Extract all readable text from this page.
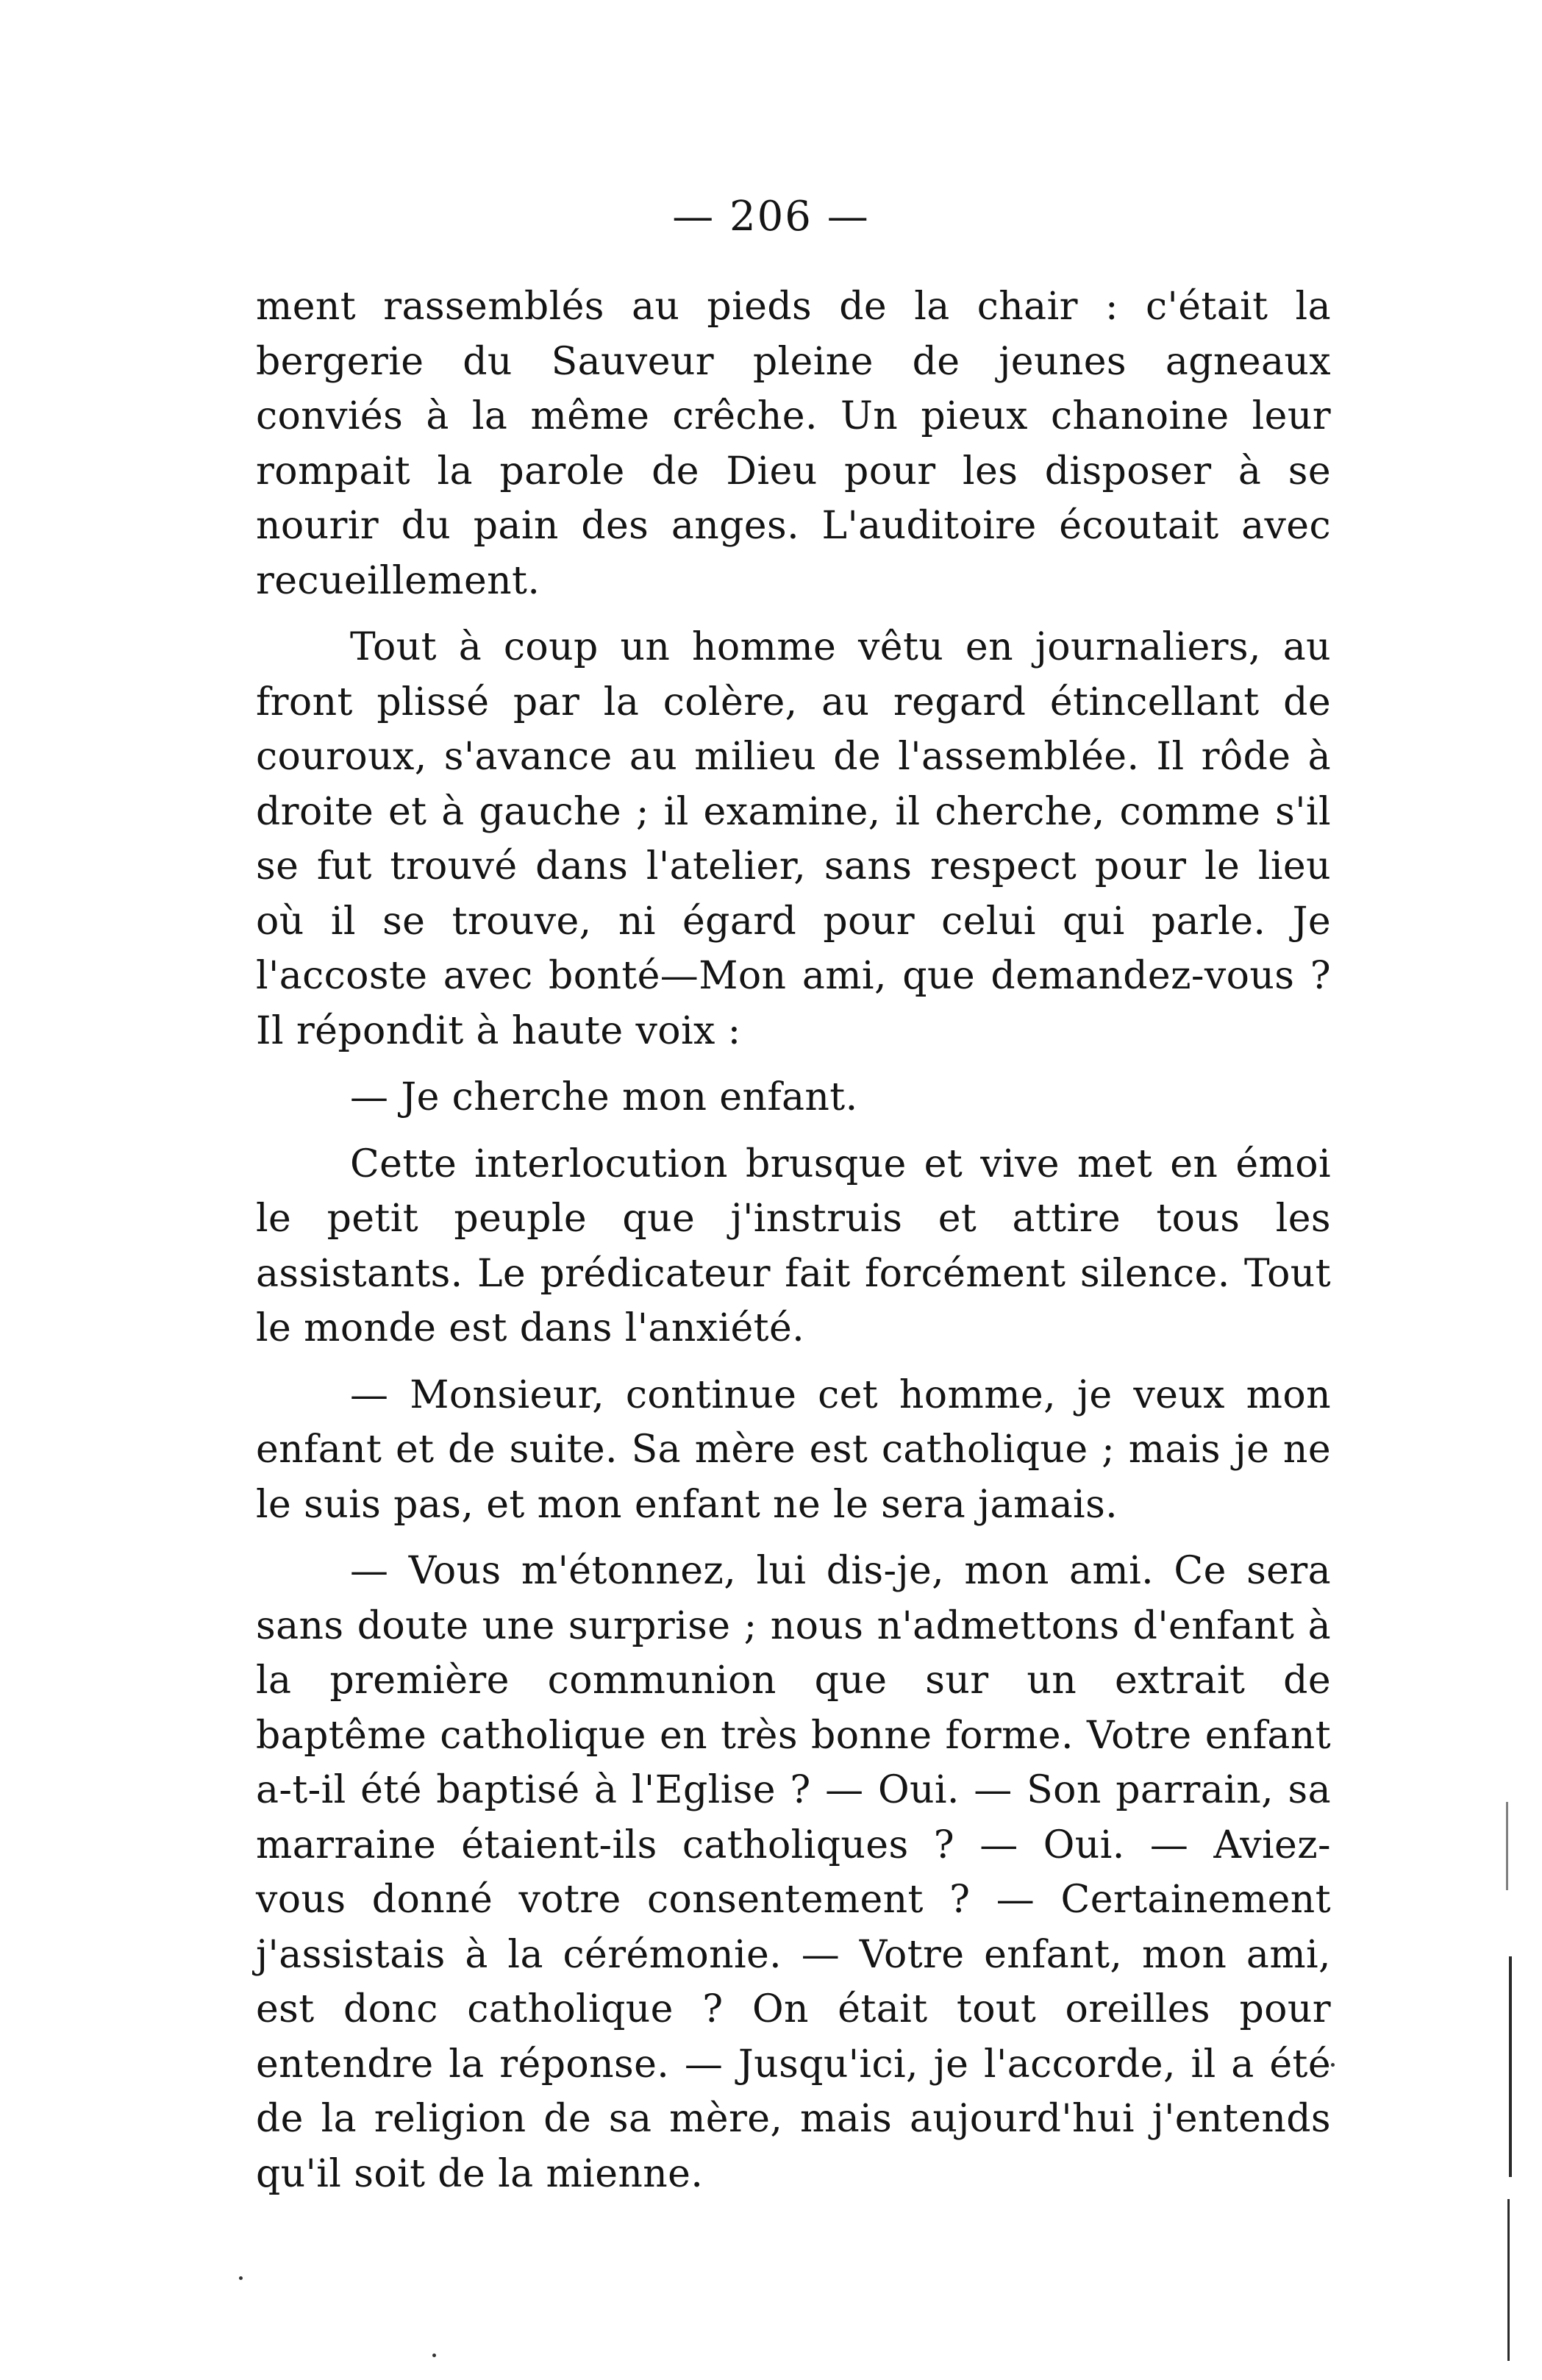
— 206 —

ment rassemblés au pieds de la chair : c'était la bergerie du Sauveur pleine de jeunes agneaux conviés à la même crêche. Un pieux chanoine leur rompait la parole de Dieu pour les disposer à se nourir du pain des anges. L'auditoire écoutait avec recueillement.

Tout à coup un homme vêtu en journaliers, au front plissé par la colère, au regard étincellant de couroux, s'avance au milieu de l'assemblée. Il rôde à droite et à gauche ; il examine, il cherche, comme s'il se fut trouvé dans l'atelier, sans respect pour le lieu où il se trouve, ni égard pour celui qui parle. Je l'accoste avec bonté—Mon ami, que demandez-vous ? Il répondit à haute voix :

— Je cherche mon enfant.

Cette interlocution brusque et vive met en émoi le petit peuple que j'instruis et attire tous les assistants. Le prédicateur fait forcément silence. Tout le monde est dans l'anxiété.

— Monsieur, continue cet homme, je veux mon enfant et de suite. Sa mère est catholique ; mais je ne le suis pas, et mon enfant ne le sera jamais.

— Vous m'étonnez, lui dis-je, mon ami. Ce sera sans doute une surprise ; nous n'admettons d'enfant à la première communion que sur un extrait de baptême catholique en très bonne forme. Votre enfant a-t-il été baptisé à l'Eglise ? — Oui. — Son parrain, sa marraine étaient-ils catholiques ? — Oui. — Aviez-vous donné votre consentement ? — Certainement j'assistais à la cérémonie. — Votre enfant, mon ami, est donc catholique ? On était tout oreilles pour entendre la réponse. — Jusqu'ici, je l'accorde, il a été de la religion de sa mère, mais aujourd'hui j'entends qu'il soit de la mienne.
